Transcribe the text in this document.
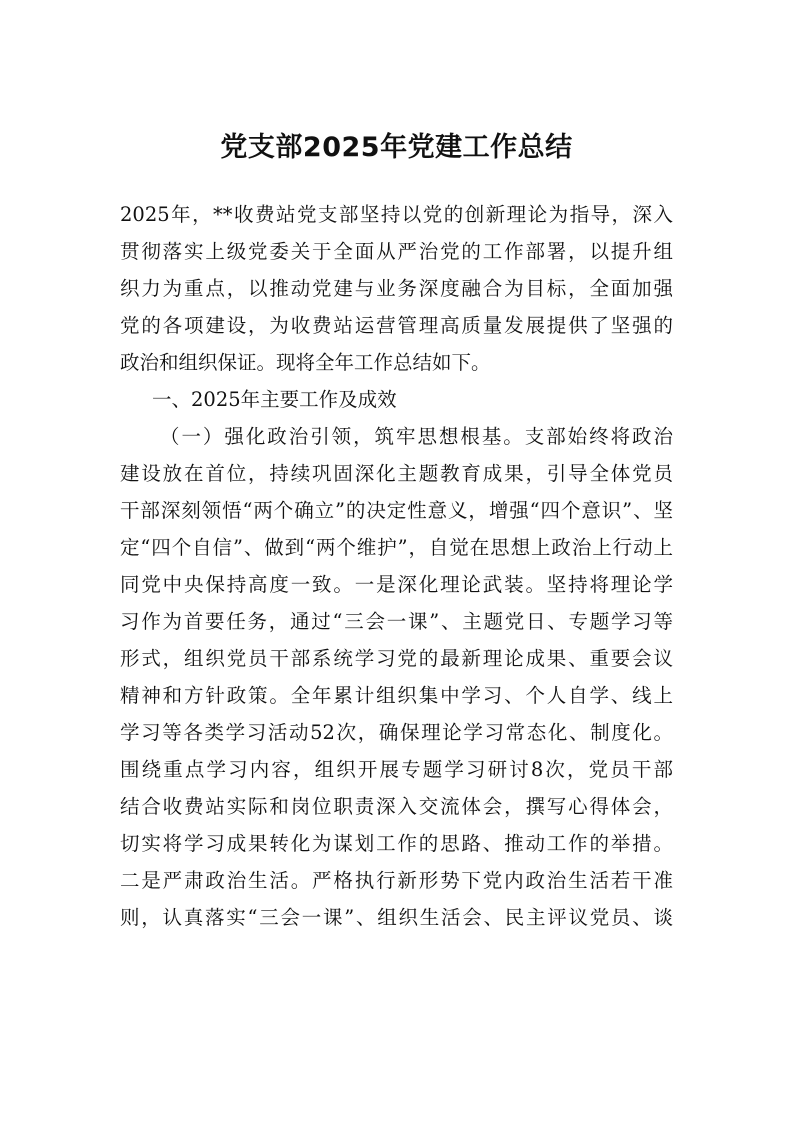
党支部2025年党建工作总结
2025年，**收费站党支部坚持以党的创新理论为指导，深入
贯彻落实上级党委关于全面从严治党的工作部署，以提升组
织力为重点，以推动党建与业务深度融合为目标，全面加强
党的各项建设，为收费站运营管理高质量发展提供了坚强的
政治和组织保证。现将全年工作总结如下。
一、2025年主要工作及成效
（一）强化政治引领，筑牢思想根基。支部始终将政治
建设放在首位，持续巩固深化主题教育成果，引导全体党员
干部深刻领悟“两个确立”的决定性意义，增强“四个意识”、坚
定“四个自信”、做到“两个维护”，自觉在思想上政治上行动上
同党中央保持高度一致。一是深化理论武装。坚持将理论学
习作为首要任务，通过“三会一课”、主题党日、专题学习等
形式，组织党员干部系统学习党的最新理论成果、重要会议
精神和方针政策。全年累计组织集中学习、个人自学、线上
学习等各类学习活动52次，确保理论学习常态化、制度化。
围绕重点学习内容，组织开展专题学习研讨8次，党员干部
结合收费站实际和岗位职责深入交流体会，撰写心得体会，
切实将学习成果转化为谋划工作的思路、推动工作的举措。
二是严肃政治生活。严格执行新形势下党内政治生活若干准
则，认真落实“三会一课”、组织生活会、民主评议党员、谈
